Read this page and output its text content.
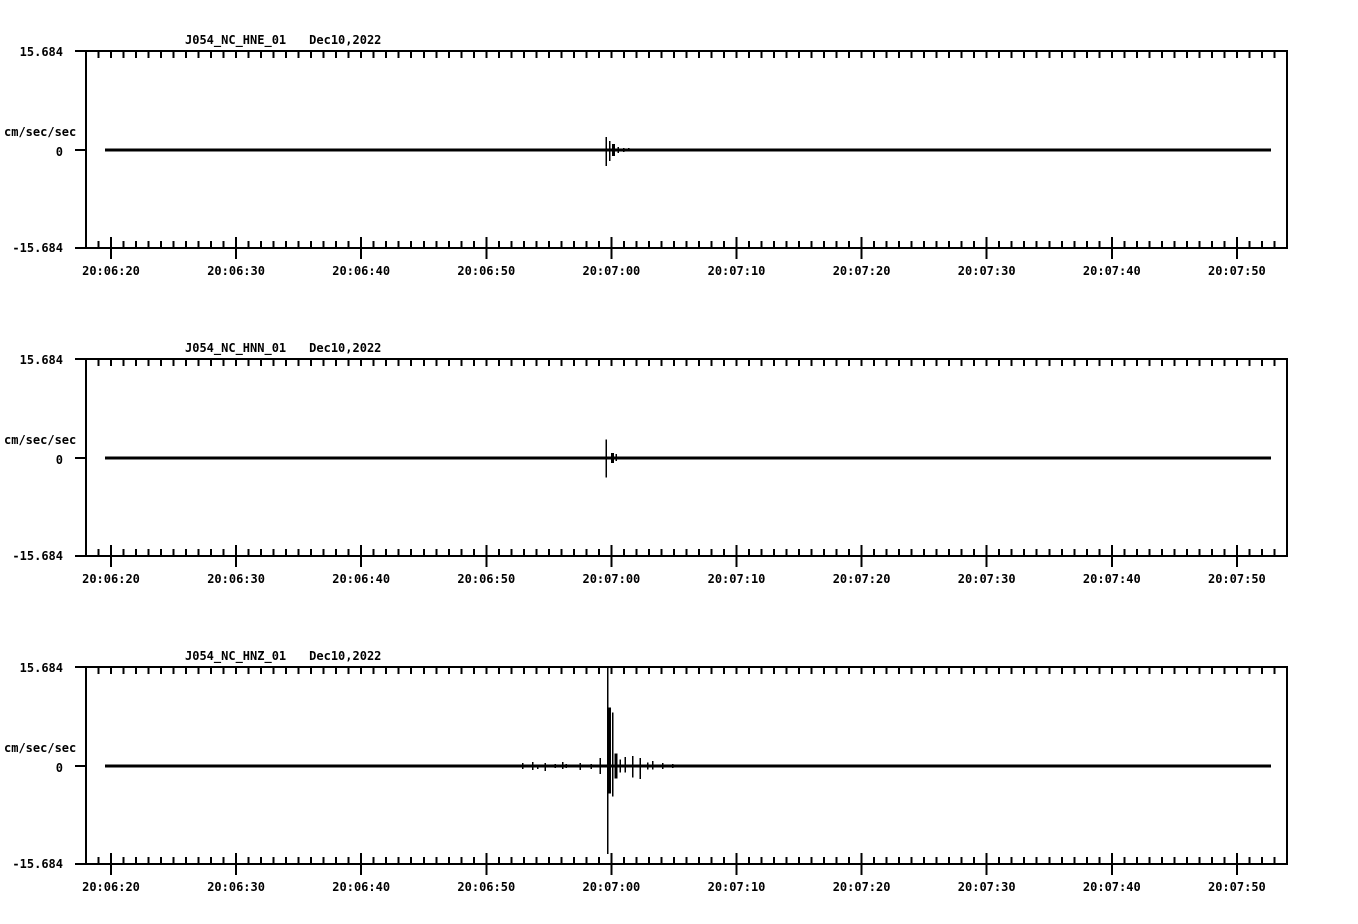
J054_NC_HNE_01 Dec10,2022
15.684
cm/sec/sec
0
-15.684
20:06:20	20:06:30	20:06:40	20:06:50	20:07:00	20:07:10	20:07:20	20:07:30	20:07:40	20:07:50
J054_NC_HNN_01 Dec10,2022
15.684
cm/sec/sec
0
-15.684
20:06:20	20:06:30	20:06:40	20:06:50	20:07:00	20:07:10	20:07:20	20:07:30	20:07:40	20:07:50
J054_NC_HNZ_01 Dec10,2022
15.684
cm/sec/sec
0
-15.684
20:06:20	20:06:30	20:06:40	20:06:50	20:07:00	20:07:10	20:07:20	20:07:30	20:07:40	20:07:50
